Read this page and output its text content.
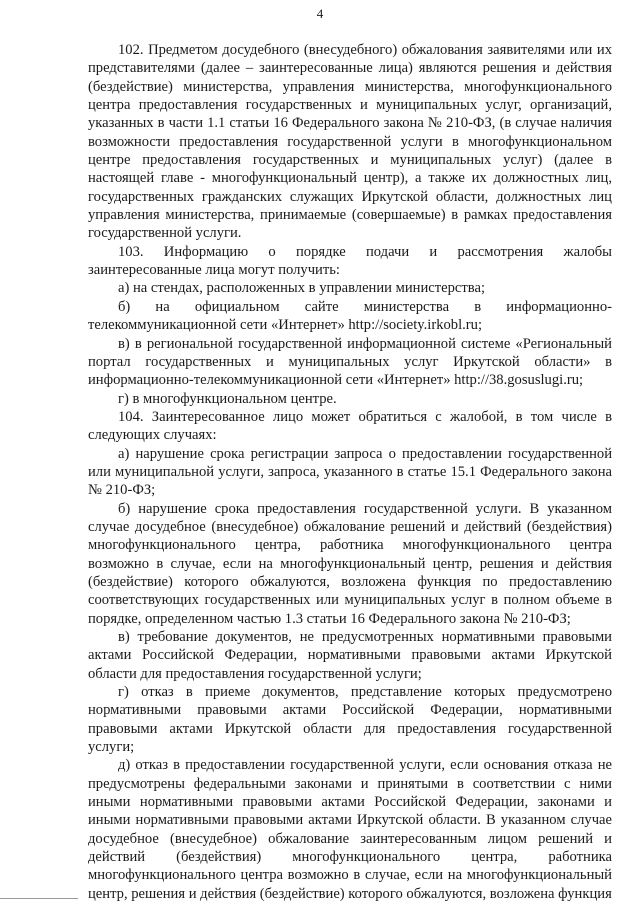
4

102. Предметом досудебного (внесудебного) обжалования заявителями или их представителями (далее – заинтересованные лица) являются решения и действия (бездействие) министерства, управления министерства, многофункционального центра предоставления государственных и муниципальных услуг, организаций, указанных в части 1.1 статьи 16 Федерального закона № 210-ФЗ, (в случае наличия возможности предоставления государственной услуги в многофункциональном центре предоставления государственных и муниципальных услуг) (далее в настоящей главе - многофункциональный центр), а также их должностных лиц, государственных гражданских служащих Иркутской области, должностных лиц управления министерства, принимаемые (совершаемые) в рамках предоставления государственной услуги.

103. Информацию о порядке подачи и рассмотрения жалобы заинтересованные лица могут получить:

а) на стендах, расположенных в управлении министерства;

б) на официальном сайте министерства в информационно-телекоммуникационной сети «Интернет» http://society.irkobl.ru;

в) в региональной государственной информационной системе «Региональный портал государственных и муниципальных услуг Иркутской области» в информационно-телекоммуникационной сети «Интернет» http://38.gosuslugi.ru;

г) в многофункциональном центре.

104. Заинтересованное лицо может обратиться с жалобой, в том числе в следующих случаях:

а) нарушение срока регистрации запроса о предоставлении государственной или муниципальной услуги, запроса, указанного в статье 15.1 Федерального закона № 210-ФЗ;

б) нарушение срока предоставления государственной услуги. В указанном случае досудебное (внесудебное) обжалование решений и действий (бездействия) многофункционального центра, работника многофункционального центра возможно в случае, если на многофункциональный центр, решения и действия (бездействие) которого обжалуются, возложена функция по предоставлению соответствующих государственных или муниципальных услуг в полном объеме в порядке, определенном частью 1.3 статьи 16 Федерального закона № 210-ФЗ;

в) требование документов, не предусмотренных нормативными правовыми актами Российской Федерации, нормативными правовыми актами Иркутской области для предоставления государственной услуги;

г) отказ в приеме документов, представление которых предусмотрено нормативными правовыми актами Российской Федерации, нормативными правовыми актами Иркутской области для предоставления государственной услуги;

д) отказ в предоставлении государственной услуги, если основания отказа не предусмотрены федеральными законами и принятыми в соответствии с ними иными нормативными правовыми актами Российской Федерации, законами и иными нормативными правовыми актами Иркутской области. В указанном случае досудебное (внесудебное) обжалование заинтересованным лицом решений и действий (бездействия) многофункционального центра, работника многофункционального центра возможно в случае, если на многофункциональный центр, решения и действия (бездействие) которого обжалуются, возложена функция
